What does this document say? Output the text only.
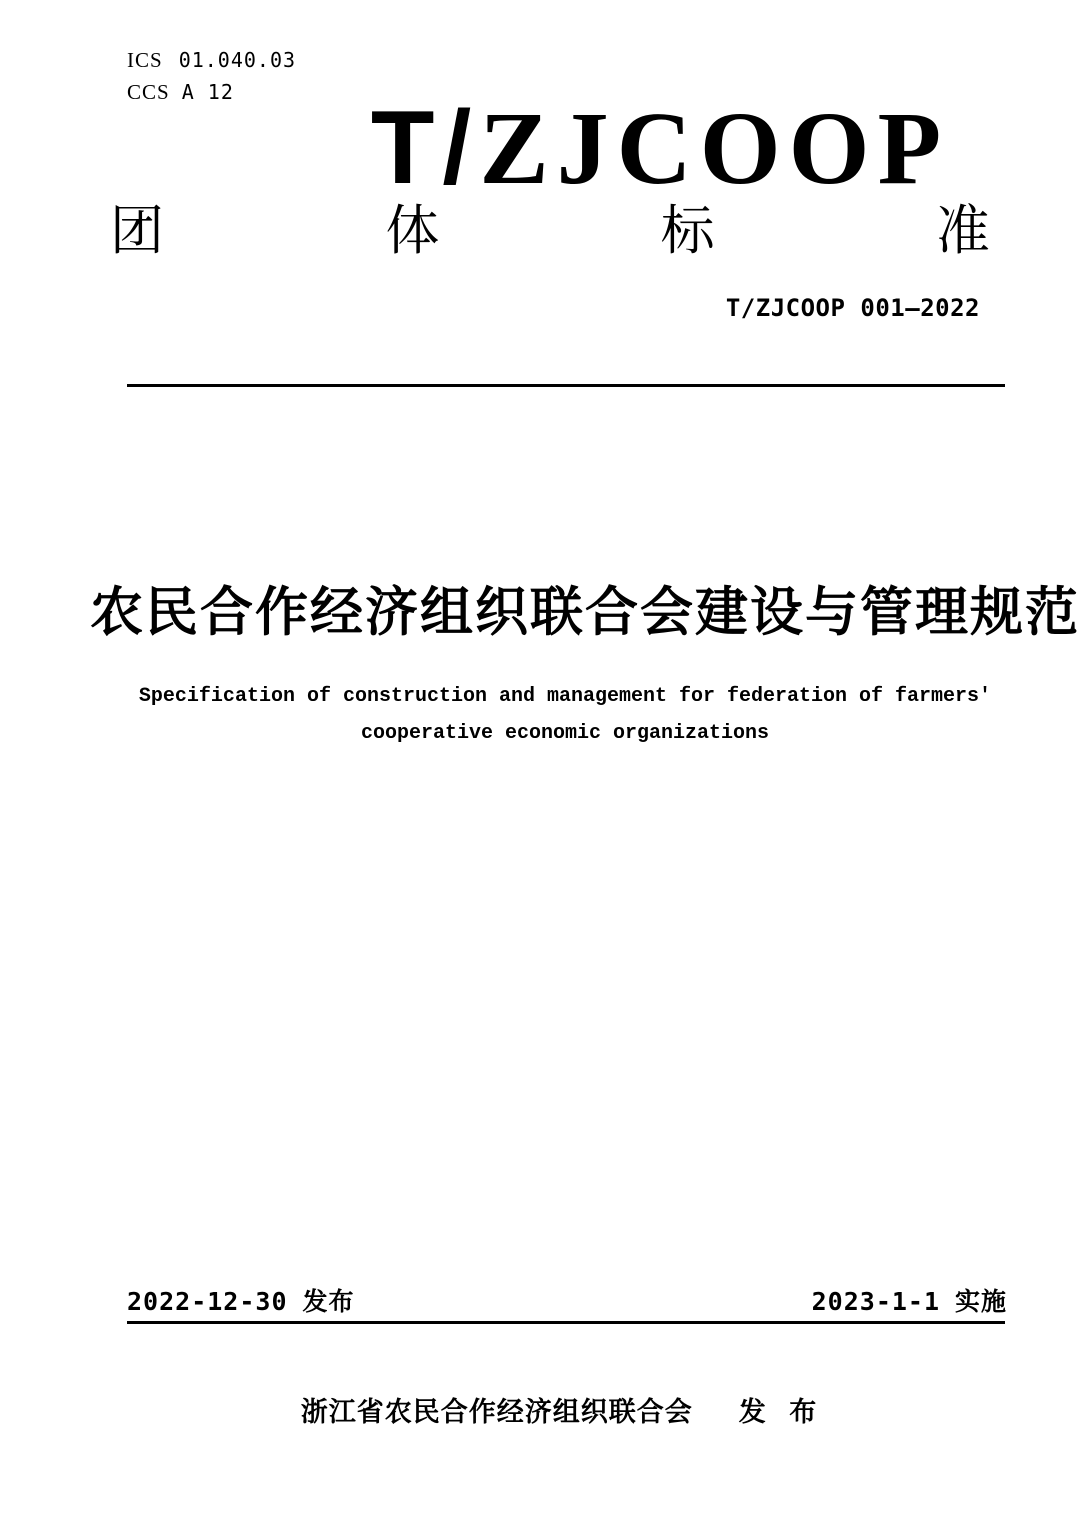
ICS 01.040.03
CCS A 12 T/ZJCOOP
团	体	标	准
T/ZJCOOP 001—2022
农民合作经济组织联合会建设与管理规范
Specification of construction and management for federation of farmers'
cooperative economic organizations
2022-12-30 发布	2023-1-1 实施
浙江省农民合作经济组织联合会 发 布
